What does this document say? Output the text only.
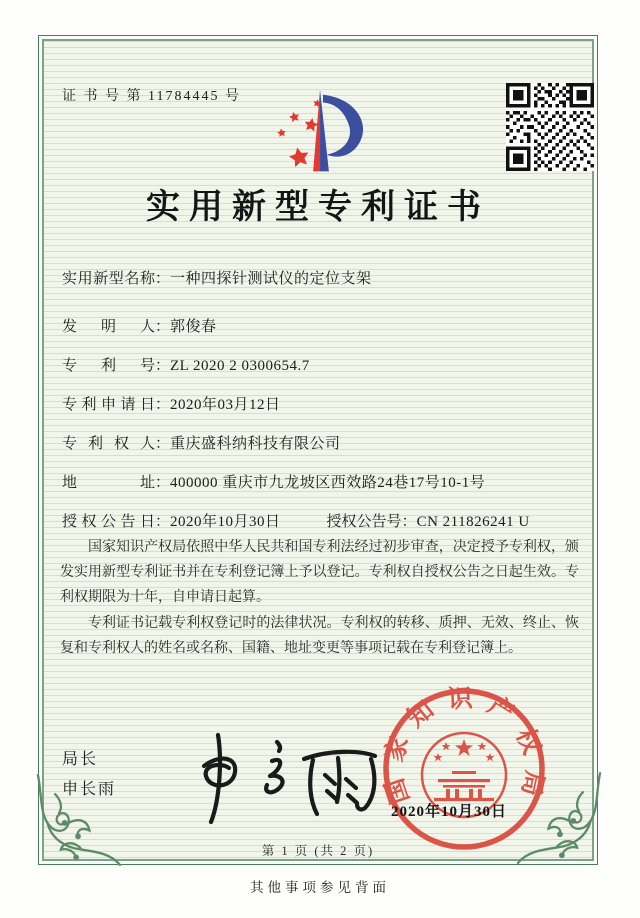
证 书 号 第 11784445 号
实用新型专利证书
实用新型名称：一种四探针测试仪的定位支架
发明人：郭俊春
专利号：ZL 2020 2 0300654.7
专利申请日：2020年03月12日
专利权人：重庆盛科纳科技有限公司
地址：400000 重庆市九龙坡区西效路24巷17号10-1号
授权公告日：2020年10月30日	授权公告号：CN 211826241 U

国家知识产权局依照中华人民共和国专利法经过初步审查，决定授予专利权，颁发实用新型专利证书并在专利登记簿上予以登记。专利权自授权公告之日起生效。专利权期限为十年，自申请日起算。

专利证书记载专利权登记时的法律状况。专利权的转移、质押、无效、终止、恢复和专利权人的姓名或名称、国籍、地址变更等事项记载在专利登记簿上。

局长
申长雨	国家知识产权局
2020年10月30日
第 1 页 (共 2 页)
其他事项参见背面
